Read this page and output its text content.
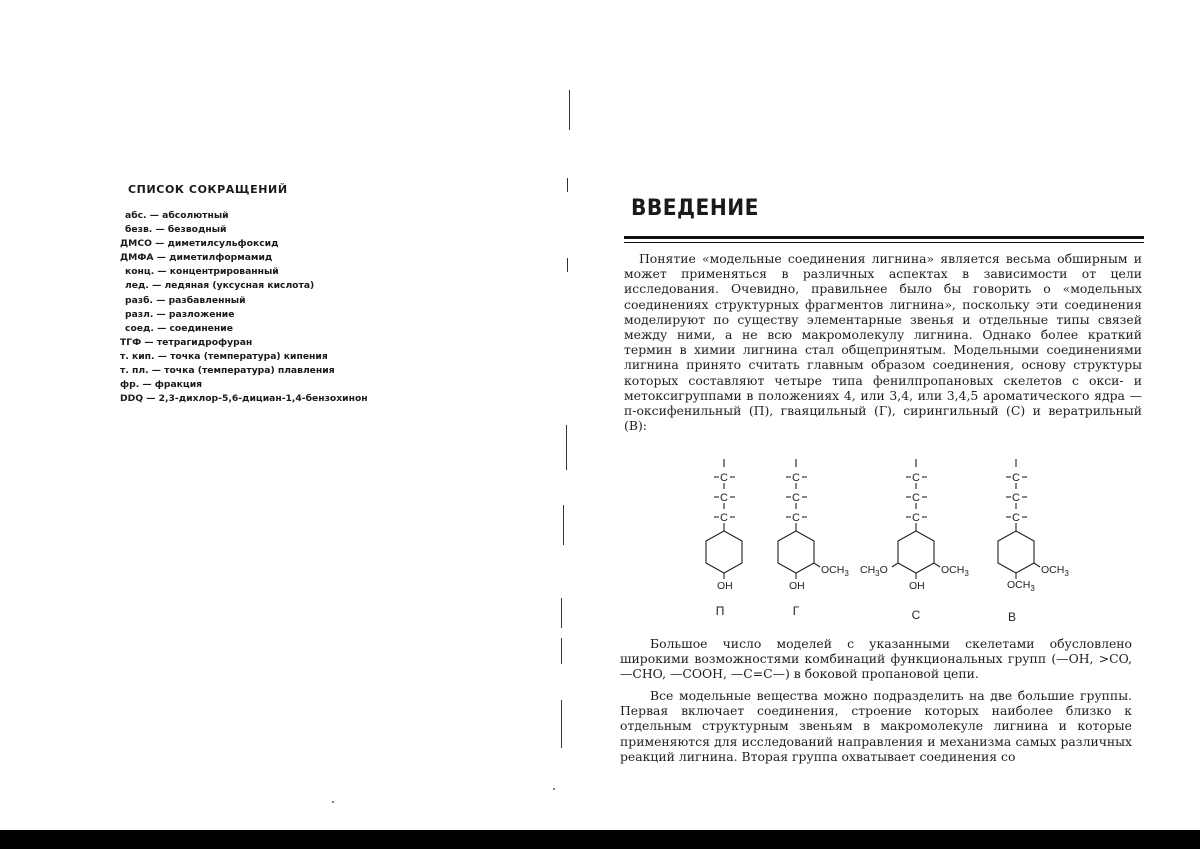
СПИСОК СОКРАЩЕНИЙ
абс. — абсолютный
безв. — безводный
ДМСО — диметилсульфоксид
ДМФА — диметилформамид
конц. — концентрированный
лед. — ледяная (уксусная кислота)
разб. — разбавленный
разл. — разложение
соед. — соединение
ТГФ — тетрагидрофуран
т. кип. — точка (температура) кипения
т. пл. — точка (температура) плавления
фр. — фракция
DDQ — 2,3-дихлор-5,6-дициан-1,4-бензохинон
ВВЕДЕНИЕ

Понятие «модельные соединения лигнина» является весьма обширным и может применяться в различных аспектах в зависимости от цели исследования. Очевидно, правильнее было бы говорить о «модельных соединениях структурных фрагментов лигнина», поскольку эти соединения моделируют по существу элементарные звенья и отдельные типы связей между ними, а не всю макромолекулу лигнина. Однако более краткий термин в химии лигнина стал общепринятым. Модельными соединениями лигнина принято считать главным образом соединения, основу структуры которых составляют четыре типа фенилпропановых скелетов с окси- и метоксигруппами в положениях 4, или 3,4, или 3,4,5 ароматического ядра — п-оксифенильный (П), гваяцильный (Г), сирингильный (С) и вератрильный (В):

C
C
C
C
C
C
C
C
C
C
C
C
OH	OH
$OCH_3$ $CH_3O$
OH
$OCH_3$	$OCH_3$
$OCH_3$
П	Г	С	В

Большое число моделей с указанными скелетами обусловлено широкими возможностями комбинаций функциональных групп (—OH, >CO, —CHO, —COOH, —C=C—) в боковой пропановой цепи.

Все модельные вещества можно подразделить на две большие группы. Первая включает соединения, строение которых наиболее близко к отдельным структурным звеньям в макромолекуле лигнина и которые применяются для исследований направления и механизма самых различных реакций лигнина. Вторая группа охватывает соединения со
